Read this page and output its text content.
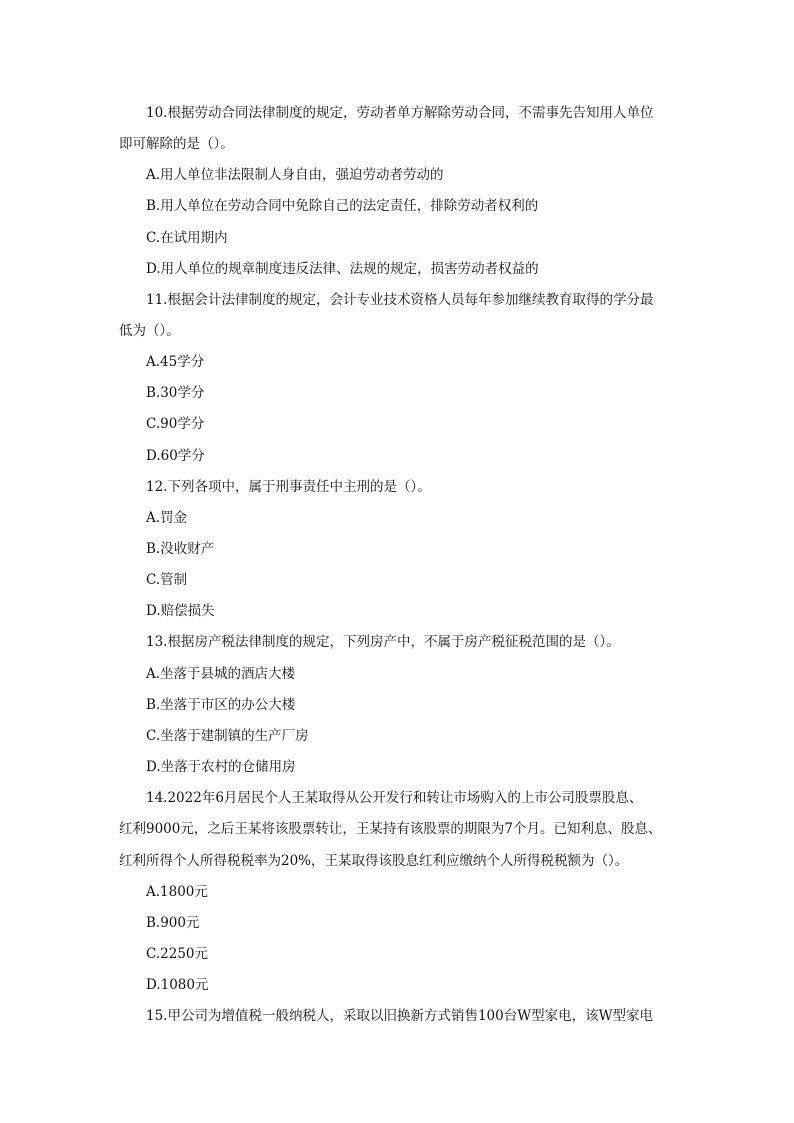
10.根据劳动合同法律制度的规定，劳动者单方解除劳动合同，不需事先告知用人单位
即可解除的是（）。
A.用人单位非法限制人身自由，强迫劳动者劳动的
B.用人单位在劳动合同中免除自己的法定责任，排除劳动者权利的
C.在试用期内
D.用人单位的规章制度违反法律、法规的规定，损害劳动者权益的
11.根据会计法律制度的规定，会计专业技术资格人员每年参加继续教育取得的学分最
低为（）。
A.45学分
B.30学分
C.90学分
D.60学分
12.下列各项中，属于刑事责任中主刑的是（）。
A.罚金
B.没收财产
C.管制
D.赔偿损失
13.根据房产税法律制度的规定，下列房产中，不属于房产税征税范围的是（）。
A.坐落于县城的酒店大楼
B.坐落于市区的办公大楼
C.坐落于建制镇的生产厂房
D.坐落于农村的仓储用房
14.2022年6月居民个人王某取得从公开发行和转让市场购入的上市公司股票股息、
红利9000元，之后王某将该股票转让，王某持有该股票的期限为7个月。已知利息、股息、
红利所得个人所得税税率为20%，王某取得该股息红利应缴纳个人所得税税额为（）。
A.1800元
B.900元
C.2250元
D.1080元
15.甲公司为增值税一般纳税人，采取以旧换新方式销售100台W型家电，该W型家电
